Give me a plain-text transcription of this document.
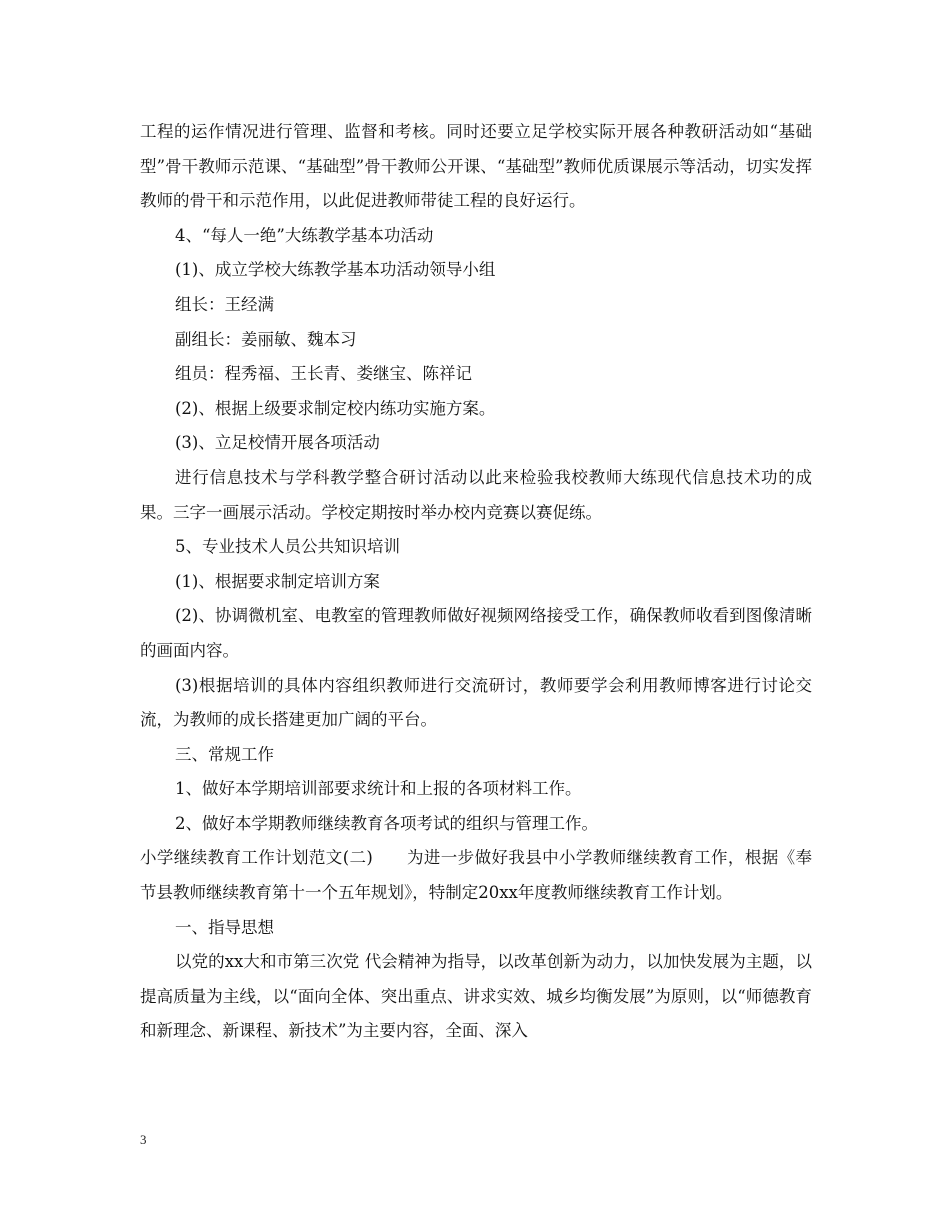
工程的运作情况进行管理、监督和考核。同时还要立足学校实际开展各种教研活动如“基础型”骨干教师示范课、“基础型”骨干教师公开课、“基础型”教师优质课展示等活动，切实发挥教师的骨干和示范作用，以此促进教师带徒工程的良好运行。

4、“每人一绝”大练教学基本功活动

(1)、成立学校大练教学基本功活动领导小组

组长：王经满

副组长：姜丽敏、魏本习

组员：程秀福、王长青、娄继宝、陈祥记

(2)、根据上级要求制定校内练功实施方案。

(3)、立足校情开展各项活动

进行信息技术与学科教学整合研讨活动以此来检验我校教师大练现代信息技术功的成果。三字一画展示活动。学校定期按时举办校内竞赛以赛促练。

5、专业技术人员公共知识培训

(1)、根据要求制定培训方案

(2)、协调微机室、电教室的管理教师做好视频网络接受工作，确保教师收看到图像清晰的画面内容。

(3)根据培训的具体内容组织教师进行交流研讨，教师要学会利用教师博客进行讨论交流，为教师的成长搭建更加广阔的平台。

三、常规工作

1、做好本学期培训部要求统计和上报的各项材料工作。

2、做好本学期教师继续教育各项考试的组织与管理工作。

小学继续教育工作计划范文(二)　　为进一步做好我县中小学教师继续教育工作，根据《奉节县教师继续教育第十一个五年规划》，特制定20xx年度教师继续教育工作计划。

一、指导思想

以党的xx大和市第三次党 代会精神为指导，以改革创新为动力，以加快发展为主题，以提高质量为主线，以“面向全体、突出重点、讲求实效、城乡均衡发展”为原则，以“师德教育和新理念、新课程、新技术”为主要内容，全面、深入

3
